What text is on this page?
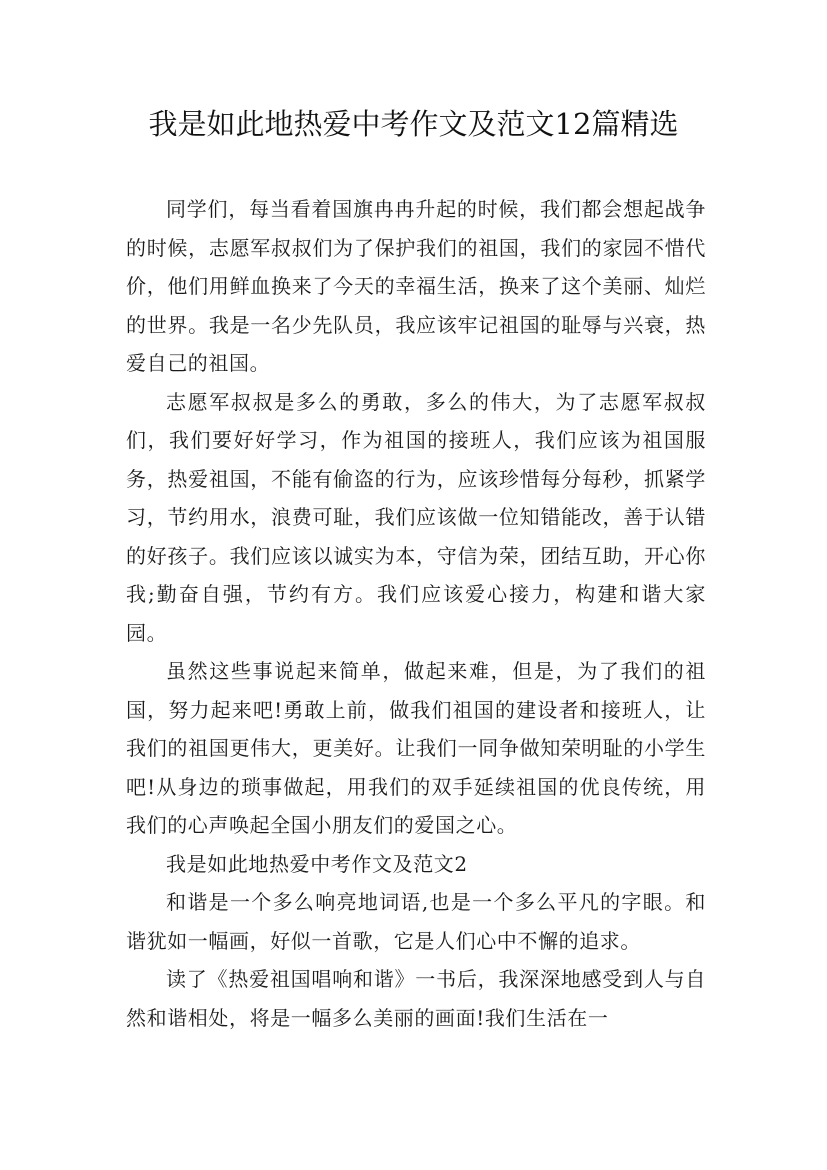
我是如此地热爱中考作文及范文12篇精选

同学们，每当看着国旗冉冉升起的时候，我们都会想起战争的时候，志愿军叔叔们为了保护我们的祖国，我们的家园不惜代价，他们用鲜血换来了今天的幸福生活，换来了这个美丽、灿烂的世界。我是一名少先队员，我应该牢记祖国的耻辱与兴衰，热爱自己的祖国。

志愿军叔叔是多么的勇敢，多么的伟大，为了志愿军叔叔们，我们要好好学习，作为祖国的接班人，我们应该为祖国服务，热爱祖国，不能有偷盗的行为，应该珍惜每分每秒，抓紧学习，节约用水，浪费可耻，我们应该做一位知错能改，善于认错的好孩子。我们应该以诚实为本，守信为荣，团结互助，开心你我;勤奋自强，节约有方。我们应该爱心接力，构建和谐大家园。

虽然这些事说起来简单，做起来难，但是，为了我们的祖国，努力起来吧!勇敢上前，做我们祖国的建设者和接班人，让我们的祖国更伟大，更美好。让我们一同争做知荣明耻的小学生吧!从身边的琐事做起，用我们的双手延续祖国的优良传统，用我们的心声唤起全国小朋友们的爱国之心。

我是如此地热爱中考作文及范文2

和谐是一个多么响亮地词语,也是一个多么平凡的字眼。和谐犹如一幅画，好似一首歌，它是人们心中不懈的追求。

读了《热爱祖国唱响和谐》一书后，我深深地感受到人与自然和谐相处，将是一幅多么美丽的画面!我们生活在一
